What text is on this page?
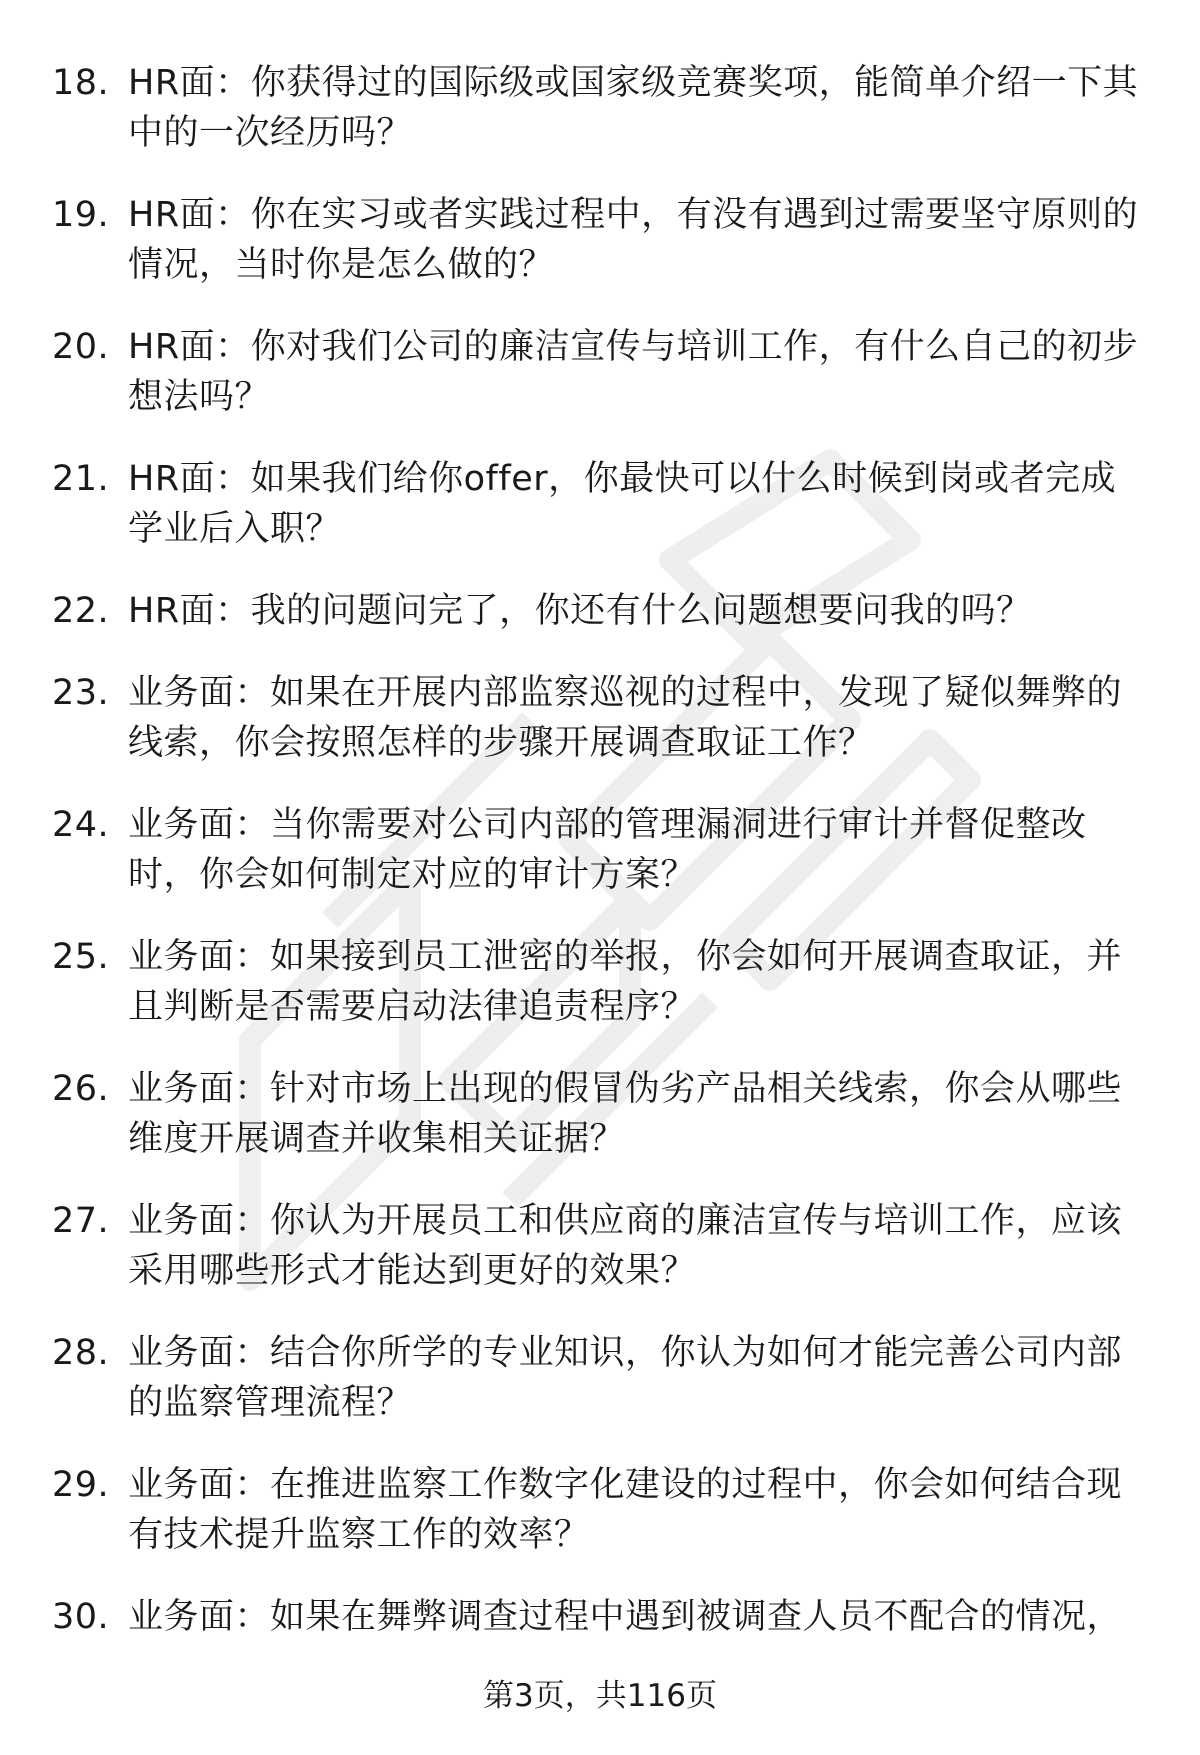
18. HR面：你获得过的国际级或国家级竞赛奖项，能简单介绍一下其
中的一次经历吗？
19. HR面：你在实习或者实践过程中，有没有遇到过需要坚守原则的
情况，当时你是怎么做的？
20. HR面：你对我们公司的廉洁宣传与培训工作，有什么自己的初步
想法吗？
21. HR面：如果我们给你offer，你最快可以什么时候到岗或者完成
学业后入职？
22. HR面：我的问题问完了，你还有什么问题想要问我的吗？
23. 业务面：如果在开展内部监察巡视的过程中，发现了疑似舞弊的
线索，你会按照怎样的步骤开展调查取证工作？
24. 业务面：当你需要对公司内部的管理漏洞进行审计并督促整改
时，你会如何制定对应的审计方案？
25. 业务面：如果接到员工泄密的举报，你会如何开展调查取证，并
且判断是否需要启动法律追责程序？
26. 业务面：针对市场上出现的假冒伪劣产品相关线索，你会从哪些
维度开展调查并收集相关证据？
27. 业务面：你认为开展员工和供应商的廉洁宣传与培训工作，应该
采用哪些形式才能达到更好的效果？
28. 业务面：结合你所学的专业知识，你认为如何才能完善公司内部
的监察管理流程？
29. 业务面：在推进监察工作数字化建设的过程中，你会如何结合现
有技术提升监察工作的效率？
30. 业务面：如果在舞弊调查过程中遇到被调查人员不配合的情况，
第3页，共116页
